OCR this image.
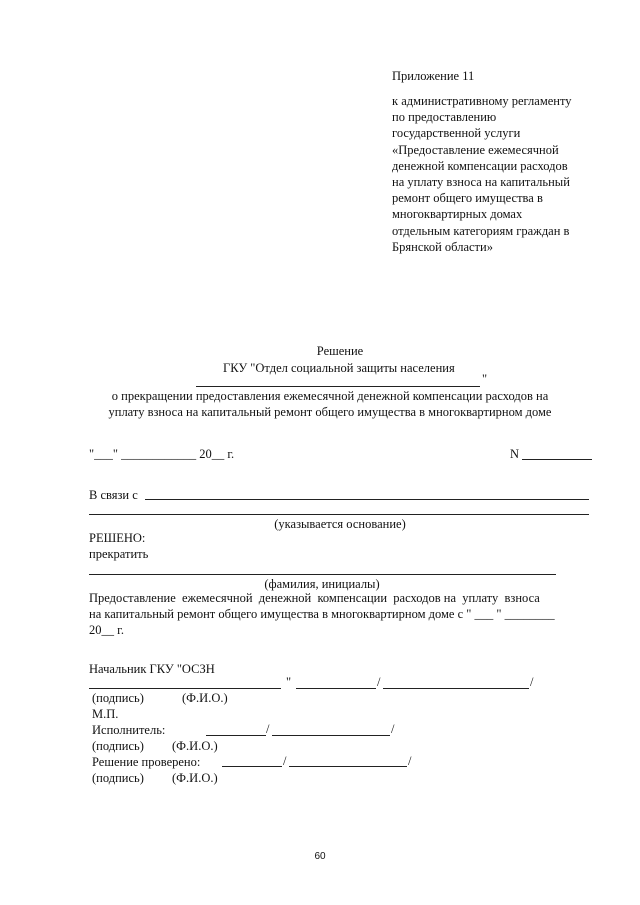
Приложение 11
к административному регламенту
по предоставлению
государственной услуги
«Предоставление ежемесячной
денежной компенсации расходов
на уплату взноса на капитальный
ремонт общего имущества в
многоквартирных домах
отдельным категориям граждан в
Брянской области»
Решение
ГКУ "Отдел социальной защиты населения
"
о прекращении предоставления ежемесячной денежной компенсации расходов на
уплату взноса на капитальный ремонт общего имущества в многоквартирном доме
"___" ____________ 20__ г.	N
В связи с
(указывается основание)
РЕШЕНО:
прекратить
(фамилия, инициалы)
Предоставление  ежемесячной  денежной  компенсации  расходов на  уплату  взноса
на капитальный ремонт общего имущества в многоквартирном доме с " ___ " ________
20__ г.
Начальник ГКУ "ОСЗН
"	/	/
(подпись)	(Ф.И.О.)
М.П.
Исполнитель:	/	/
(подпись) (Ф.И.О.)
Решение проверено:	/	/
(подпись) (Ф.И.О.)
60
